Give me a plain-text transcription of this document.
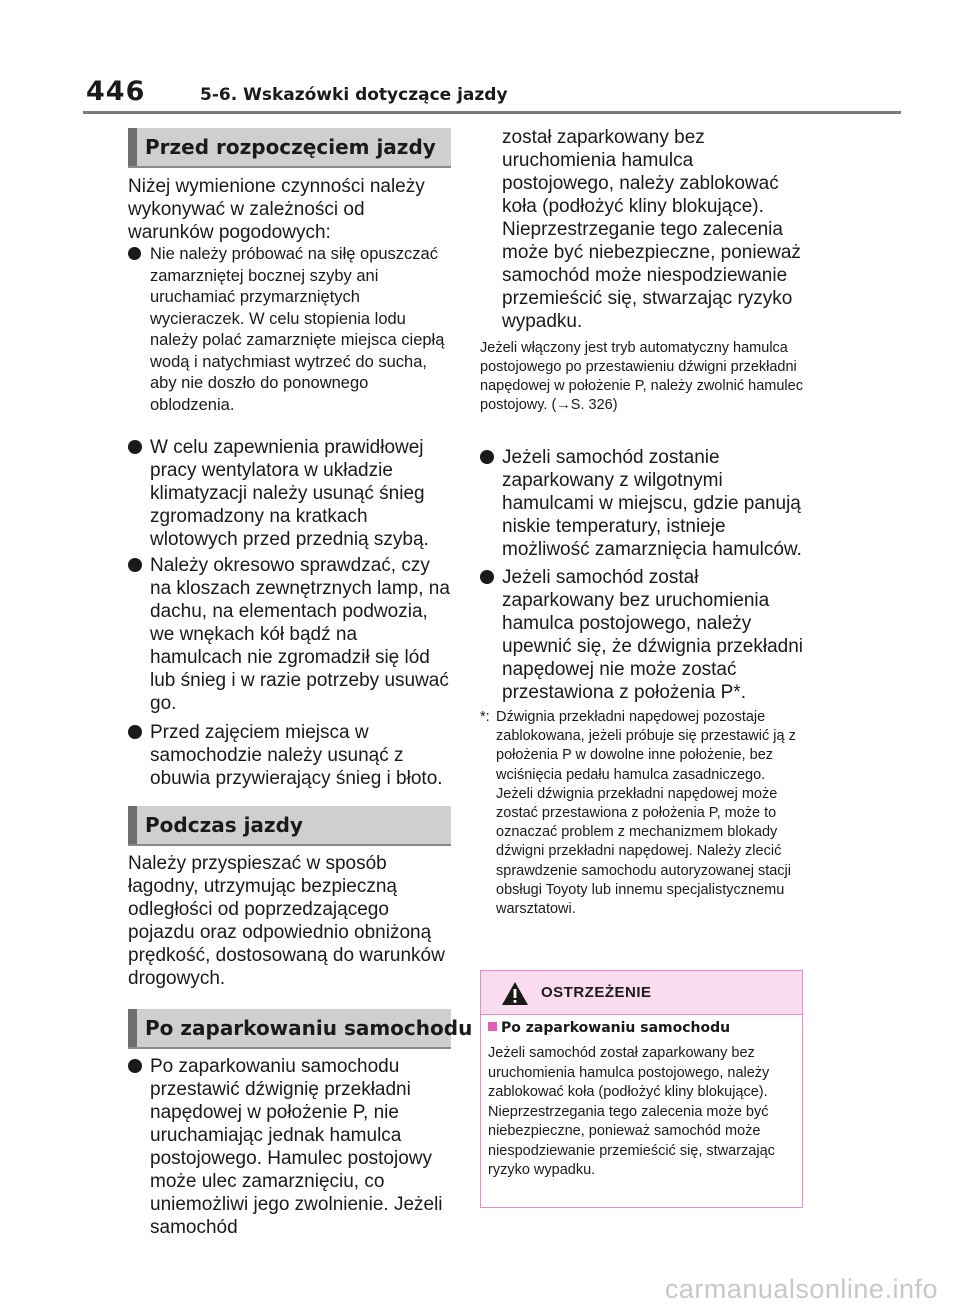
446	5-6. Wskazówki dotyczące jazdy
Przed rozpoczęciem jazdy

Niżej wymienione czynności należy wykonywać w zależności od warunków pogodowych:

Nie należy próbować na siłę opuszczać zamarzniętej bocznej szyby ani uruchamiać przymarzniętych wycieraczek. W celu stopienia lodu należy polać zamarznięte miejsca ciepłą wodą i natychmiast wytrzeć do sucha, aby nie doszło do ponownego oblodzenia.
W celu zapewnienia prawidłowej pracy wentylatora w układzie klimatyzacji należy usunąć śnieg zgromadzony na kratkach wlotowych przed przednią szybą.
Należy okresowo sprawdzać, czy na kloszach zewnętrznych lamp, na dachu, na elementach podwozia, we wnękach kół bądź na hamulcach nie zgromadził się lód lub śnieg i w razie potrzeby usuwać go.
Przed zajęciem miejsca w samochodzie należy usunąć z obuwia przywierający śnieg i błoto.
Podczas jazdy

Należy przyspieszać w sposób łagodny, utrzymując bezpieczną odległości od poprzedzającego pojazdu oraz odpowiednio obniżoną prędkość, dostosowaną do warunków drogowych.

Po zaparkowaniu samochodu
Po zaparkowaniu samochodu przestawić dźwignię przekładni napędowej w położenie P, nie uruchamiając jednak hamulca postojowego. Hamulec postojowy może ulec zamarznięciu, co uniemożliwi jego zwolnienie. Jeżeli samochód

został zaparkowany bez uruchomienia hamulca postojowego, należy zablokować koła (podłożyć kliny blokujące). Nieprzestrzeganie tego zalecenia może być niebezpieczne, ponieważ samochód może niespodziewanie przemieścić się, stwarzając ryzyko wypadku.

Jeżeli włączony jest tryb automatyczny hamulca postojowego po przestawieniu dźwigni przekładni napędowej w położenie P, należy zwolnić hamulec postojowy. (→S. 326)

Jeżeli samochód zostanie zaparkowany z wilgotnymi hamulcami w miejscu, gdzie panują niskie temperatury, istnieje możliwość zamarznięcia hamulców.
Jeżeli samochód został zaparkowany bez uruchomienia hamulca postojowego, należy upewnić się, że dźwignia przekładni napędowej nie może zostać przestawiona z położenia P*.
*: Dźwignia przekładni napędowej pozostaje zablokowana, jeżeli próbuje się przestawić ją z położenia P w dowolne inne położenie, bez wciśnięcia pedału hamulca zasadniczego. Jeżeli dźwignia przekładni napędowej może zostać przestawiona z położenia P, może to oznaczać problem z mechanizmem blokady dźwigni przekładni napędowej. Należy zlecić sprawdzenie samochodu autoryzowanej stacji obsługi Toyoty lub innemu specjalistycznemu warsztatowi.
OSTRZEŻENIE
Po zaparkowaniu samochodu

Jeżeli samochód został zaparkowany bez uruchomienia hamulca postojowego, należy zablokować koła (podłożyć kliny blokujące). Nieprzestrzegania tego zalecenia może być niebezpieczne, ponieważ samochód może niespodziewanie przemieścić się, stwarzając ryzyko wypadku.

carmanualsonline.info
